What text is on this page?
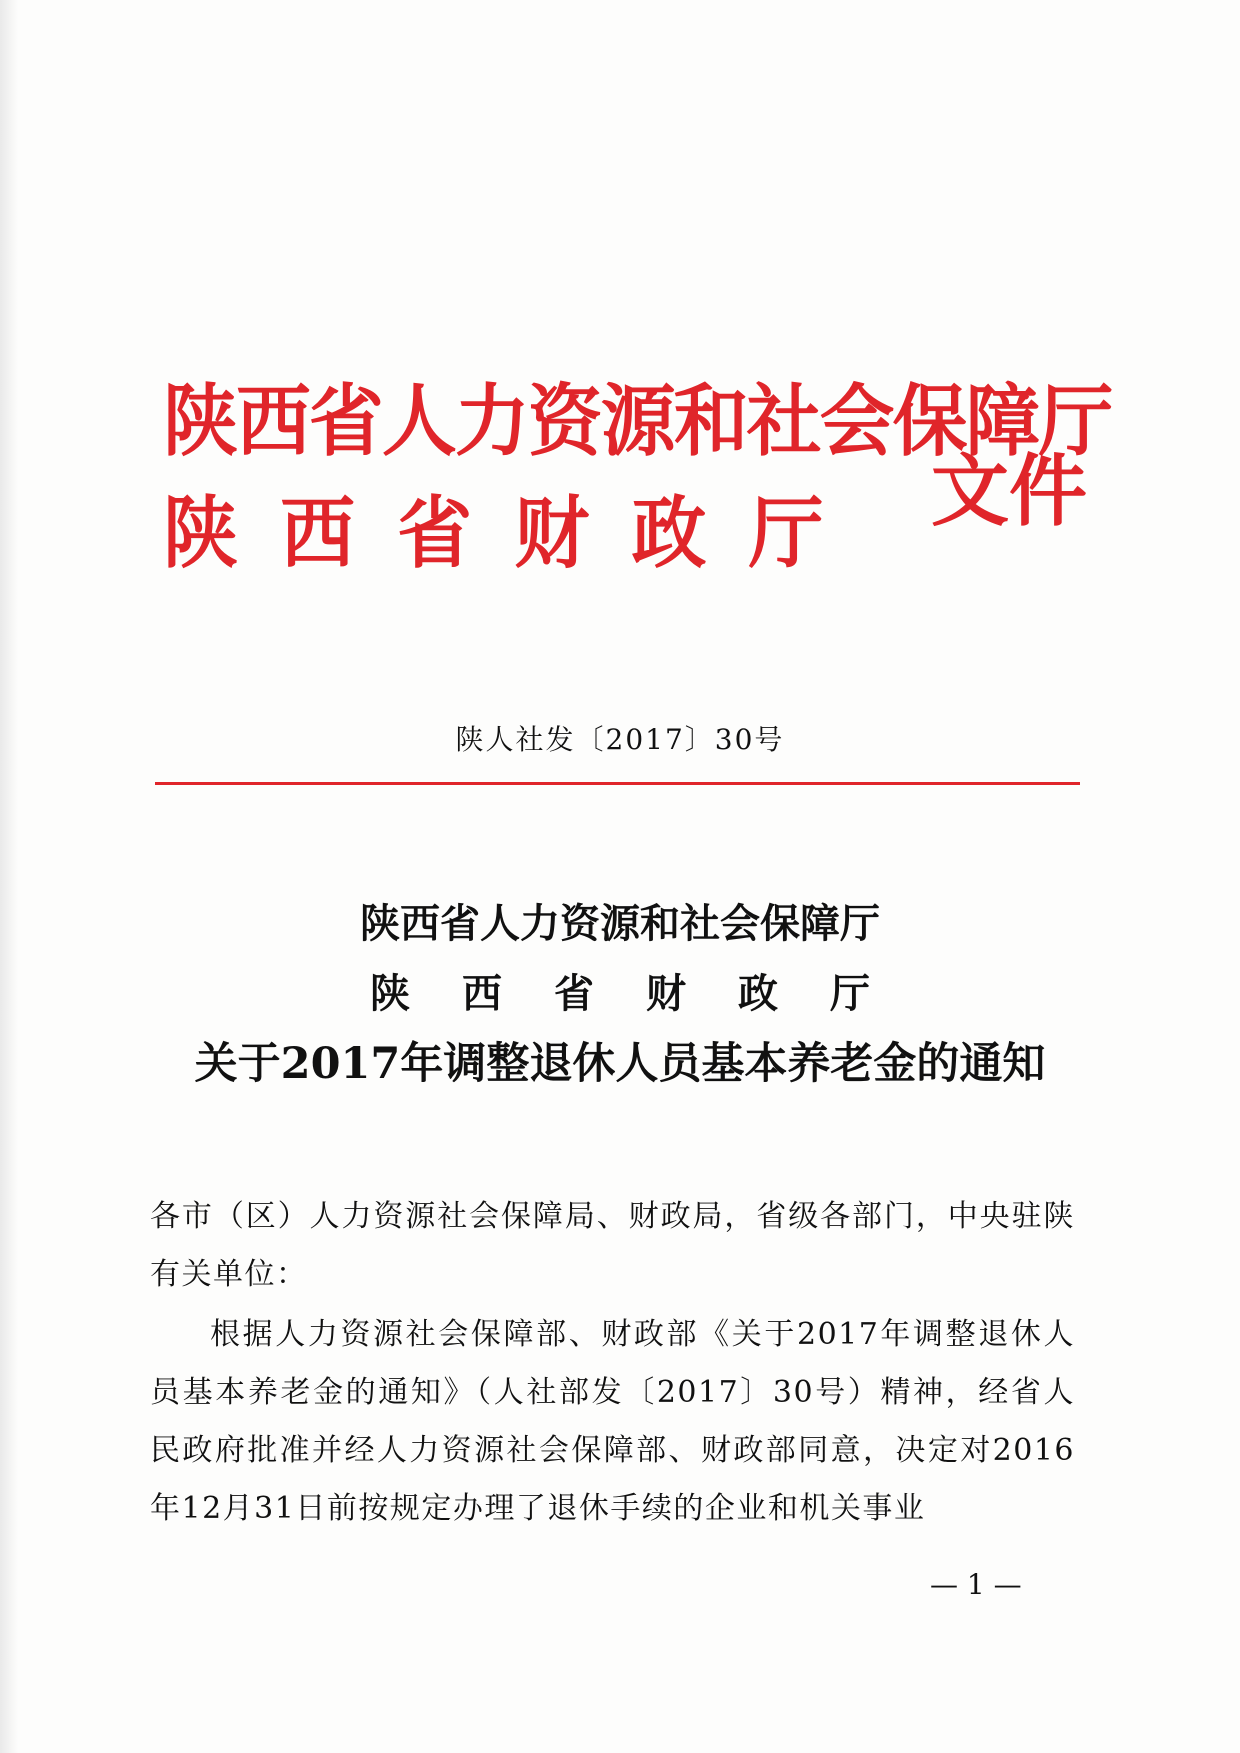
陕西省人力资源和社会保障厅
陕西省财政厅 文件
陕人社发〔2017〕30号
陕西省人力资源和社会保障厅
陕西省财政厅
关于2017年调整退休人员基本养老金的通知

各市（区）人力资源社会保障局、财政局，省级各部门，中央驻陕有关单位：

根据人力资源社会保障部、财政部《关于2017年调整退休人员基本养老金的通知》（人社部发〔2017〕30号）精神，经省人民政府批准并经人力资源社会保障部、财政部同意，决定对2016年12月31日前按规定办理了退休手续的企业和机关事业

— 1 —
